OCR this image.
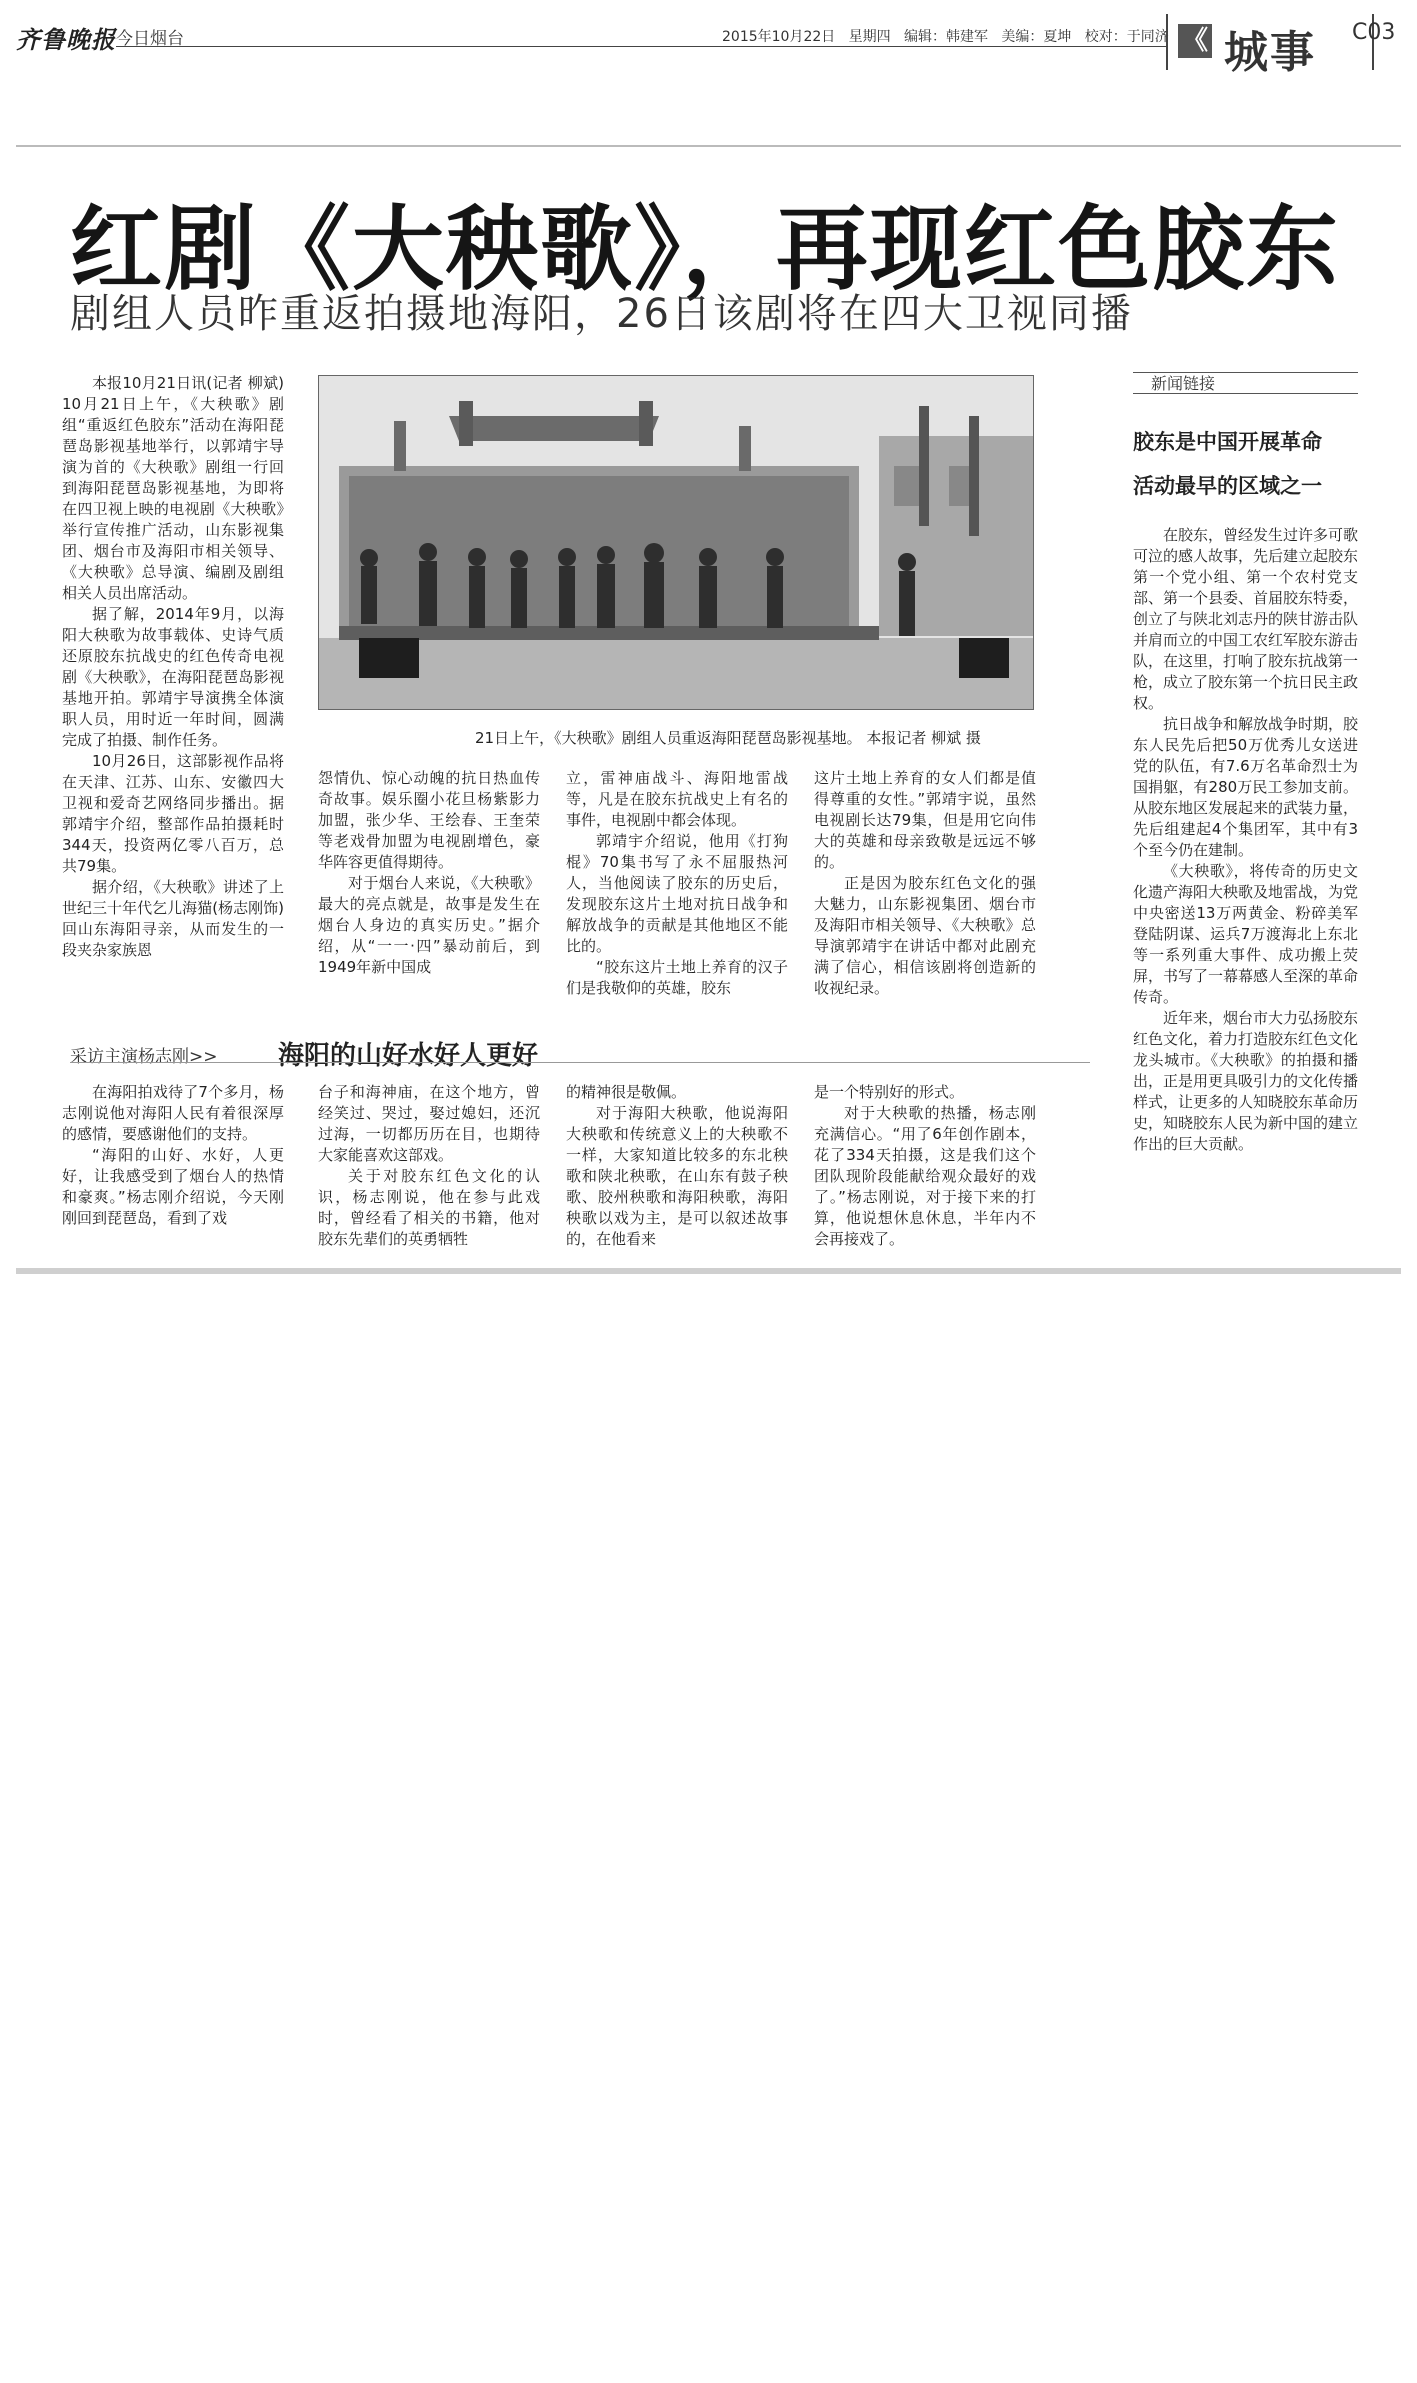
齐鲁晚报 今日烟台	2015年10月22日 星期四 编辑：韩建军 美编：夏坤 校对：于同济 《 城事 C03
红剧《大秧歌》，再现红色胶东
剧组人员昨重返拍摄地海阳，26日该剧将在四大卫视同播

本报10月21日讯(记者 柳斌) 10月21日上午，《大秧歌》剧组“重返红色胶东”活动在海阳琵琶岛影视基地举行，以郭靖宇导演为首的《大秧歌》剧组一行回到海阳琵琶岛影视基地，为即将在四卫视上映的电视剧《大秧歌》举行宣传推广活动，山东影视集团、烟台市及海阳市相关领导、《大秧歌》总导演、编剧及剧组相关人员出席活动。

据了解，2014年9月，以海阳大秧歌为故事载体、史诗气质还原胶东抗战史的红色传奇电视剧《大秧歌》，在海阳琵琶岛影视基地开拍。郭靖宇导演携全体演职人员，用时近一年时间，圆满完成了拍摄、制作任务。

10月26日，这部影视作品将在天津、江苏、山东、安徽四大卫视和爱奇艺网络同步播出。据郭靖宇介绍，整部作品拍摄耗时344天，投资两亿零八百万，总共79集。

据介绍，《大秧歌》讲述了上世纪三十年代乞儿海猫(杨志刚饰)回山东海阳寻亲，从而发生的一段夹杂家族恩

21日上午，《大秧歌》剧组人员重返海阳琵琶岛影视基地。 本报记者 柳斌 摄

怨情仇、惊心动魄的抗日热血传奇故事。娱乐圈小花旦杨紫影力加盟，张少华、王绘春、王奎荣等老戏骨加盟为电视剧增色，豪华阵容更值得期待。

对于烟台人来说，《大秧歌》最大的亮点就是，故事是发生在烟台人身边的真实历史。”据介绍，从“一一·四”暴动前后，到1949年新中国成

立，雷神庙战斗、海阳地雷战等，凡是在胶东抗战史上有名的事件，电视剧中都会体现。

郭靖宇介绍说，他用《打狗棍》70集书写了永不屈服热河人，当他阅读了胶东的历史后，发现胶东这片土地对抗日战争和解放战争的贡献是其他地区不能比的。

“胶东这片土地上养育的汉子们是我敬仰的英雄，胶东

这片土地上养育的女人们都是值得尊重的女性。”郭靖宇说，虽然电视剧长达79集，但是用它向伟大的英雄和母亲致敬是远远不够的。

正是因为胶东红色文化的强大魅力，山东影视集团、烟台市及海阳市相关领导、《大秧歌》总导演郭靖宇在讲话中都对此剧充满了信心，相信该剧将创造新的收视纪录。

新闻链接
胶东是中国开展革命
活动最早的区域之一

在胶东，曾经发生过许多可歌可泣的感人故事，先后建立起胶东第一个党小组、第一个农村党支部、第一个县委、首届胶东特委，创立了与陕北刘志丹的陕甘游击队并肩而立的中国工农红军胶东游击队，在这里，打响了胶东抗战第一枪，成立了胶东第一个抗日民主政权。

抗日战争和解放战争时期，胶东人民先后把50万优秀儿女送进党的队伍，有7.6万名革命烈士为国捐躯，有280万民工参加支前。从胶东地区发展起来的武装力量，先后组建起4个集团军，其中有3个至今仍在建制。

《大秧歌》，将传奇的历史文化遗产海阳大秧歌及地雷战，为党中央密送13万两黄金、粉碎美军登陆阴谋、运兵7万渡海北上东北等一系列重大事件、成功搬上荧屏，书写了一幕幕感人至深的革命传奇。

近年来，烟台市大力弘扬胶东红色文化，着力打造胶东红色文化龙头城市。《大秧歌》的拍摄和播出，正是用更具吸引力的文化传播样式，让更多的人知晓胶东革命历史，知晓胶东人民为新中国的建立作出的巨大贡献。

采访主演杨志刚>> 海阳的山好水好人更好

在海阳拍戏待了7个多月，杨志刚说他对海阳人民有着很深厚的感情，要感谢他们的支持。

“海阳的山好、水好，人更好，让我感受到了烟台人的热情和豪爽。”杨志刚介绍说，今天刚刚回到琵琶岛，看到了戏

台子和海神庙，在这个地方，曾经笑过、哭过，娶过媳妇，还沉过海，一切都历历在目，也期待大家能喜欢这部戏。

关于对胶东红色文化的认识，杨志刚说，他在参与此戏时，曾经看了相关的书籍，他对胶东先辈们的英勇牺牲

的精神很是敬佩。

对于海阳大秧歌，他说海阳大秧歌和传统意义上的大秧歌不一样，大家知道比较多的东北秧歌和陕北秧歌，在山东有鼓子秧歌、胶州秧歌和海阳秧歌，海阳秧歌以戏为主，是可以叙述故事的，在他看来

是一个特别好的形式。

对于大秧歌的热播，杨志刚充满信心。“用了6年创作剧本，花了334天拍摄，这是我们这个团队现阶段能献给观众最好的戏了。”杨志刚说，对于接下来的打算，他说想休息休息，半年内不会再接戏了。
